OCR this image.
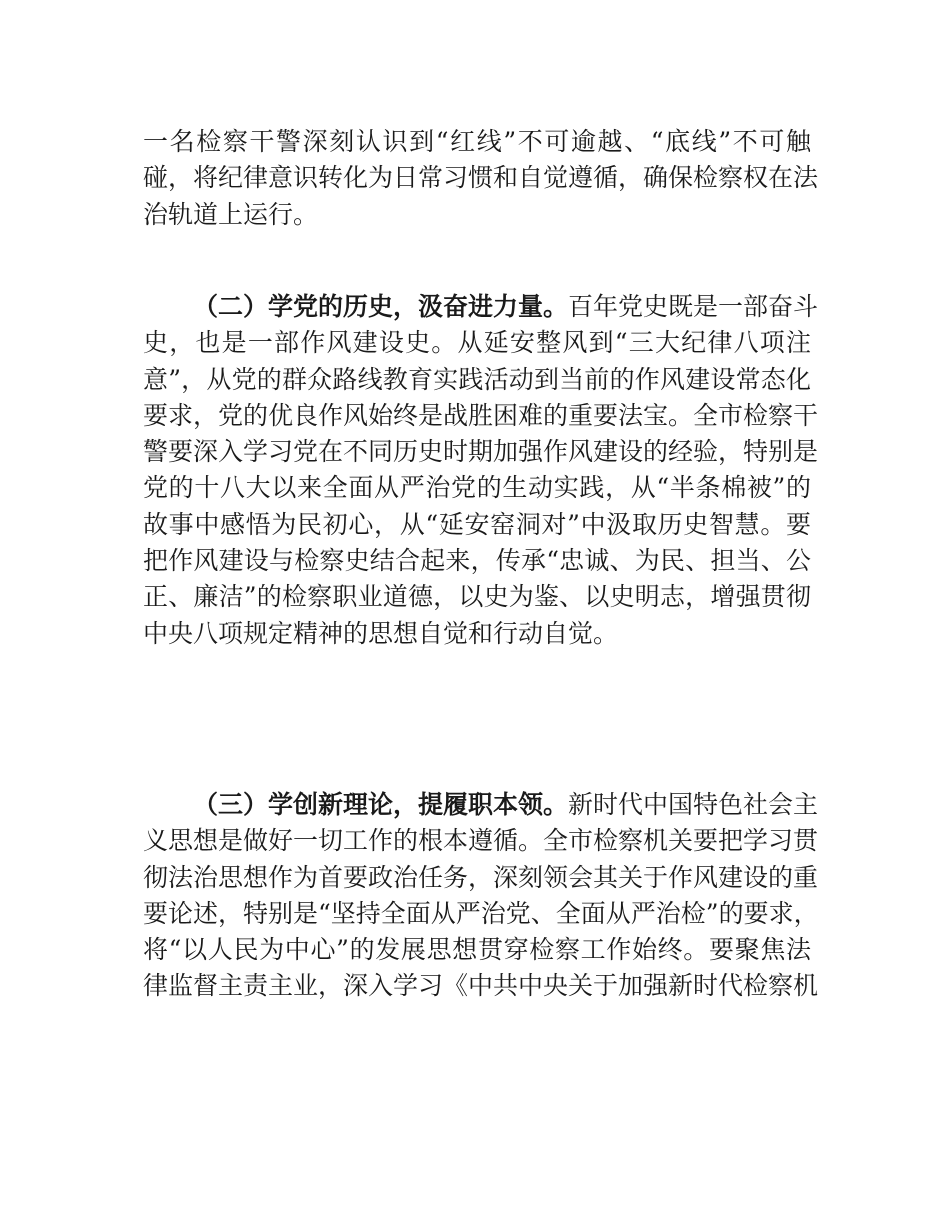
一名检察干警深刻认识到“红线”不可逾越、“底线”不可触
碰，将纪律意识转化为日常习惯和自觉遵循，确保检察权在法
治轨道上运行。
（二）学党的历史，汲奋进力量。百年党史既是一部奋斗
史，也是一部作风建设史。从延安整风到“三大纪律八项注
意”，从党的群众路线教育实践活动到当前的作风建设常态化
要求，党的优良作风始终是战胜困难的重要法宝。全市检察干
警要深入学习党在不同历史时期加强作风建设的经验，特别是
党的十八大以来全面从严治党的生动实践，从“半条棉被”的
故事中感悟为民初心，从“延安窑洞对”中汲取历史智慧。要
把作风建设与检察史结合起来，传承“忠诚、为民、担当、公
正、廉洁”的检察职业道德，以史为鉴、以史明志，增强贯彻
中央八项规定精神的思想自觉和行动自觉。
（三）学创新理论，提履职本领。新时代中国特色社会主
义思想是做好一切工作的根本遵循。全市检察机关要把学习贯
彻法治思想作为首要政治任务，深刻领会其关于作风建设的重
要论述，特别是“坚持全面从严治党、全面从严治检”的要求，
将“以人民为中心”的发展思想贯穿检察工作始终。要聚焦法
律监督主责主业，深入学习《中共中央关于加强新时代检察机
